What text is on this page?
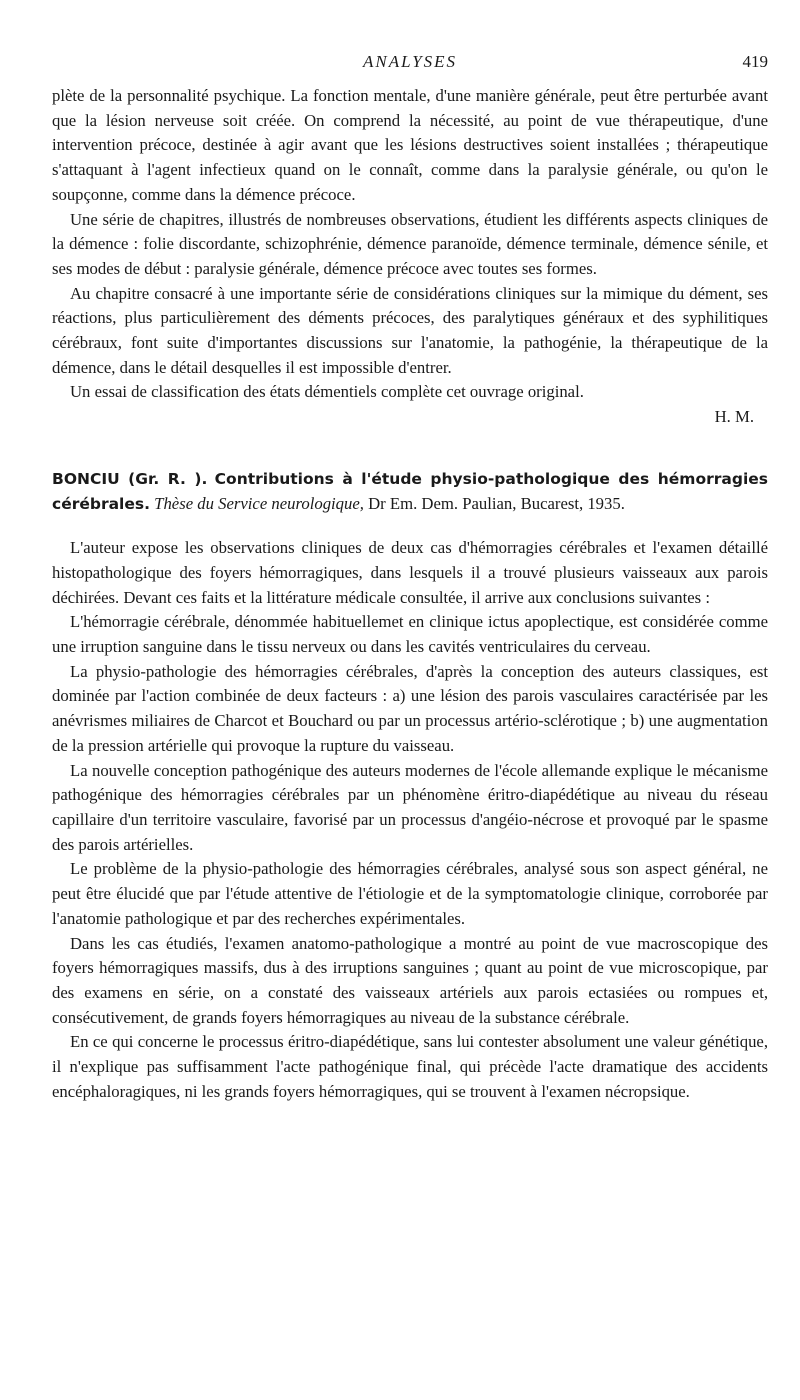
ANALYSES	419

plète de la personnalité psychique. La fonction mentale, d'une manière générale, peut être perturbée avant que la lésion nerveuse soit créée. On comprend la nécessité, au point de vue thérapeutique, d'une intervention précoce, destinée à agir avant que les lésions destructives soient installées ; thérapeutique s'attaquant à l'agent infectieux quand on le connaît, comme dans la paralysie générale, ou qu'on le soupçonne, comme dans la démence précoce.

Une série de chapitres, illustrés de nombreuses observations, étudient les différents aspects cliniques de la démence : folie discordante, schizophrénie, démence paranoïde, démence terminale, démence sénile, et ses modes de début : paralysie générale, démence précoce avec toutes ses formes.

Au chapitre consacré à une importante série de considérations cliniques sur la mimique du dément, ses réactions, plus particulièrement des déments précoces, des paralytiques généraux et des syphilitiques cérébraux, font suite d'importantes discussions sur l'anatomie, la pathogénie, la thérapeutique de la démence, dans le détail desquelles il est impossible d'entrer.

Un essai de classification des états démentiels complète cet ouvrage original.

H. M.

BONCIU (Gr. R. ). Contributions à l'étude physio-pathologique des hémorragies cérébrales. Thèse du Service neurologique, Dr Em. Dem. Paulian, Bucarest, 1935.

L'auteur expose les observations cliniques de deux cas d'hémorragies cérébrales et l'examen détaillé histopathologique des foyers hémorragiques, dans lesquels il a trouvé plusieurs vaisseaux aux parois déchirées. Devant ces faits et la littérature médicale consultée, il arrive aux conclusions suivantes :

L'hémorragie cérébrale, dénommée habituellemet en clinique ictus apoplectique, est considérée comme une irruption sanguine dans le tissu nerveux ou dans les cavités ventriculaires du cerveau.

La physio-pathologie des hémorragies cérébrales, d'après la conception des auteurs classiques, est dominée par l'action combinée de deux facteurs : a) une lésion des parois vasculaires caractérisée par les anévrismes miliaires de Charcot et Bouchard ou par un processus artério-sclérotique ; b) une augmentation de la pression artérielle qui provoque la rupture du vaisseau.

La nouvelle conception pathogénique des auteurs modernes de l'école allemande explique le mécanisme pathogénique des hémorragies cérébrales par un phénomène éritro-diapédétique au niveau du réseau capillaire d'un territoire vasculaire, favorisé par un processus d'angéio-nécrose et provoqué par le spasme des parois artérielles.

Le problème de la physio-pathologie des hémorragies cérébrales, analysé sous son aspect général, ne peut être élucidé que par l'étude attentive de l'étiologie et de la symptomatologie clinique, corroborée par l'anatomie pathologique et par des recherches expérimentales.

Dans les cas étudiés, l'examen anatomo-pathologique a montré au point de vue macroscopique des foyers hémorragiques massifs, dus à des irruptions sanguines ; quant au point de vue microscopique, par des examens en série, on a constaté des vaisseaux artériels aux parois ectasiées ou rompues et, consécutivement, de grands foyers hémorragiques au niveau de la substance cérébrale.

En ce qui concerne le processus éritro-diapédétique, sans lui contester absolument une valeur génétique, il n'explique pas suffisamment l'acte pathogénique final, qui précède l'acte dramatique des accidents encéphaloragiques, ni les grands foyers hémorragiques, qui se trouvent à l'examen nécropsique.
